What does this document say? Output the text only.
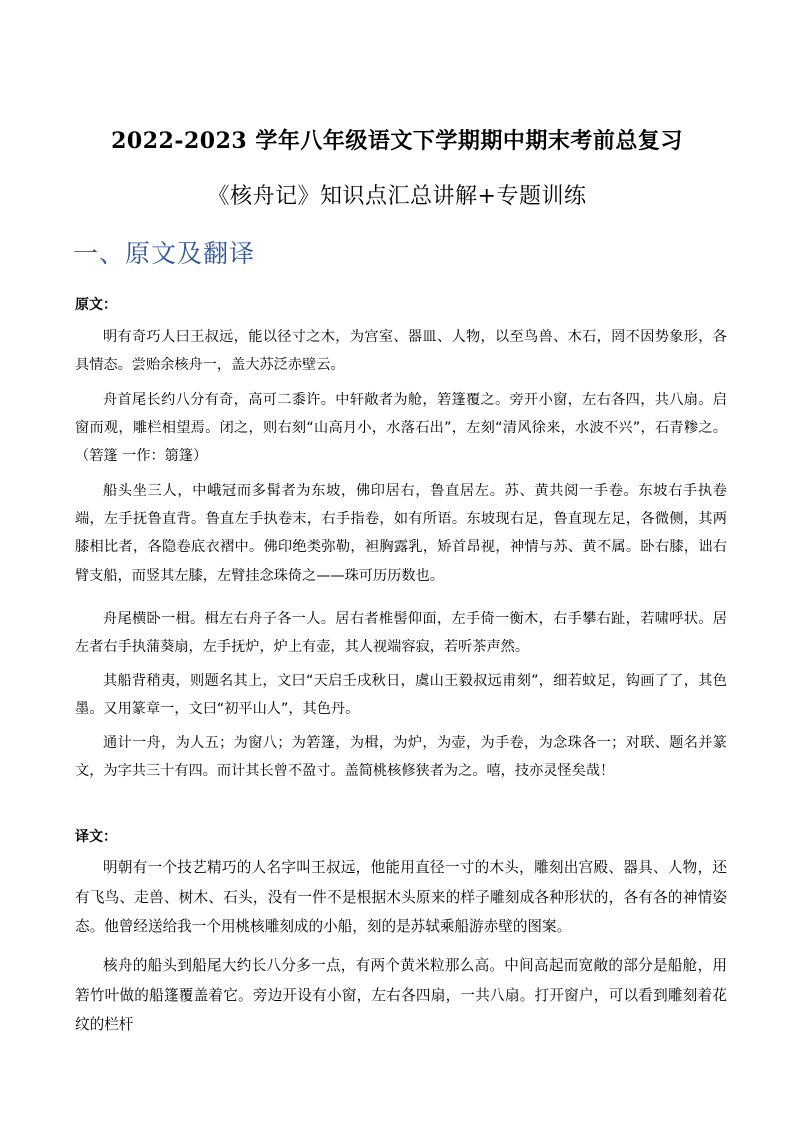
2022-2023 学年八年级语文下学期期中期末考前总复习
《核舟记》知识点汇总讲解+专题训练
一、原文及翻译
原文：

明有奇巧人曰王叔远，能以径寸之木，为宫室、器皿、人物，以至鸟兽、木石，罔不因势象形，各具情态。尝贻余核舟一，盖大苏泛赤壁云。

舟首尾长约八分有奇，高可二黍许。中轩敞者为舱，箬篷覆之。旁开小窗，左右各四，共八扇。启窗而观，雕栏相望焉。闭之，则右刻“山高月小，水落石出”，左刻“清风徐来，水波不兴”，石青糁之。（箬篷 一作：篛篷）

船头坐三人，中峨冠而多髯者为东坡，佛印居右，鲁直居左。苏、黄共阅一手卷。东坡右手执卷端，左手抚鲁直背。鲁直左手执卷末，右手指卷，如有所语。东坡现右足，鲁直现左足，各微侧，其两膝相比者，各隐卷底衣褶中。佛印绝类弥勒，袒胸露乳，矫首昂视，神情与苏、黄不属。卧右膝，诎右臂支船，而竖其左膝，左臂挂念珠倚之——珠可历历数也。

舟尾横卧一楫。楫左右舟子各一人。居右者椎髻仰面，左手倚一衡木，右手攀右趾，若啸呼状。居左者右手执蒲葵扇，左手抚炉，炉上有壶，其人视端容寂，若听茶声然。

其船背稍夷，则题名其上，文曰“天启壬戌秋日，虞山王毅叔远甫刻”，细若蚊足，钩画了了，其色墨。又用篆章一，文曰“初平山人”，其色丹。

通计一舟，为人五；为窗八；为箬篷，为楫，为炉，为壶，为手卷，为念珠各一；对联、题名并篆文，为字共三十有四。而计其长曾不盈寸。盖简桃核修狭者为之。嘻，技亦灵怪矣哉！

译文：

明朝有一个技艺精巧的人名字叫王叔远，他能用直径一寸的木头，雕刻出宫殿、器具、人物，还有飞鸟、走兽、树木、石头，没有一件不是根据木头原来的样子雕刻成各种形状的，各有各的神情姿态。他曾经送给我一个用桃核雕刻成的小船，刻的是苏轼乘船游赤壁的图案。

核舟的船头到船尾大约长八分多一点，有两个黄米粒那么高。中间高起而宽敞的部分是船舱，用箬竹叶做的船篷覆盖着它。旁边开设有小窗，左右各四扇，一共八扇。打开窗户，可以看到雕刻着花纹的栏杆
